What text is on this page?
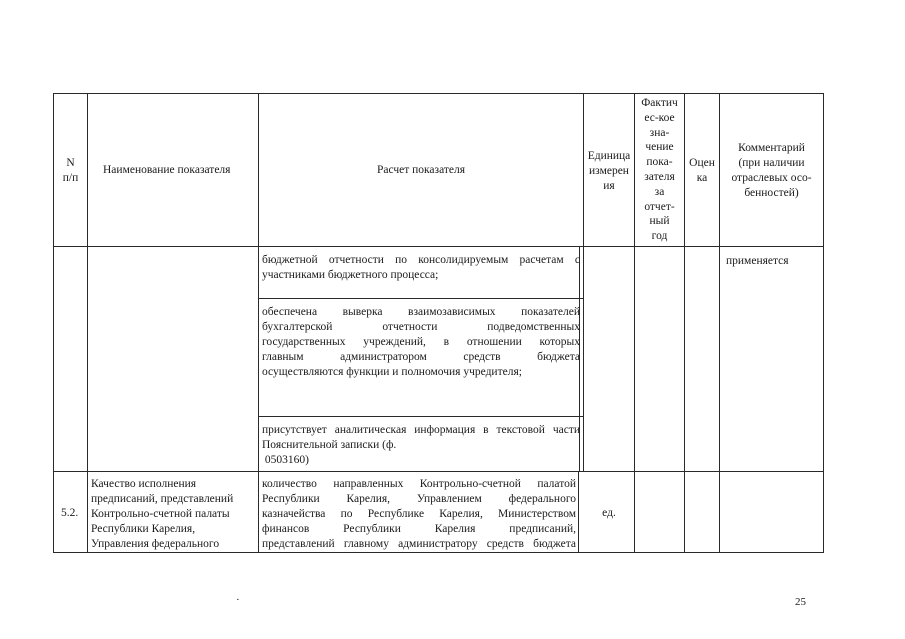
N
п/п
Наименование показателя	Расчет показателя
Единица
измерен
ия
Фактич
ес-кое
зна-
чение
пока-
зателя
за
отчет-
ный
год
Оцен
ка
Комментарий
(при наличии
отраслевых осо-
бенностей)
бюджетной отчетности по консолидируемым расчетам с
участниками бюджетного процесса;
обеспечена выверка взаимозависимых показателей
бухгалтерской отчетности подведомственных
государственных учреждений, в отношении которых
главным администратором средств бюджета
осуществляются функции и полномочия учредителя;
присутствует аналитическая информация в текстовой части
Пояснительной записки (ф.
0503160)
применяется
5.2.
Качество исполнения
предписаний, представлений
Контрольно-счетной палаты
Республики Карелия,
Управления федерального
количество направленных Контрольно-счетной палатой
Республики Карелия, Управлением федерального
казначейства по Республике Карелия, Министерством
финансов Республики Карелия предписаний,
представлений главному администратору средств бюджета
ед.
·	25
